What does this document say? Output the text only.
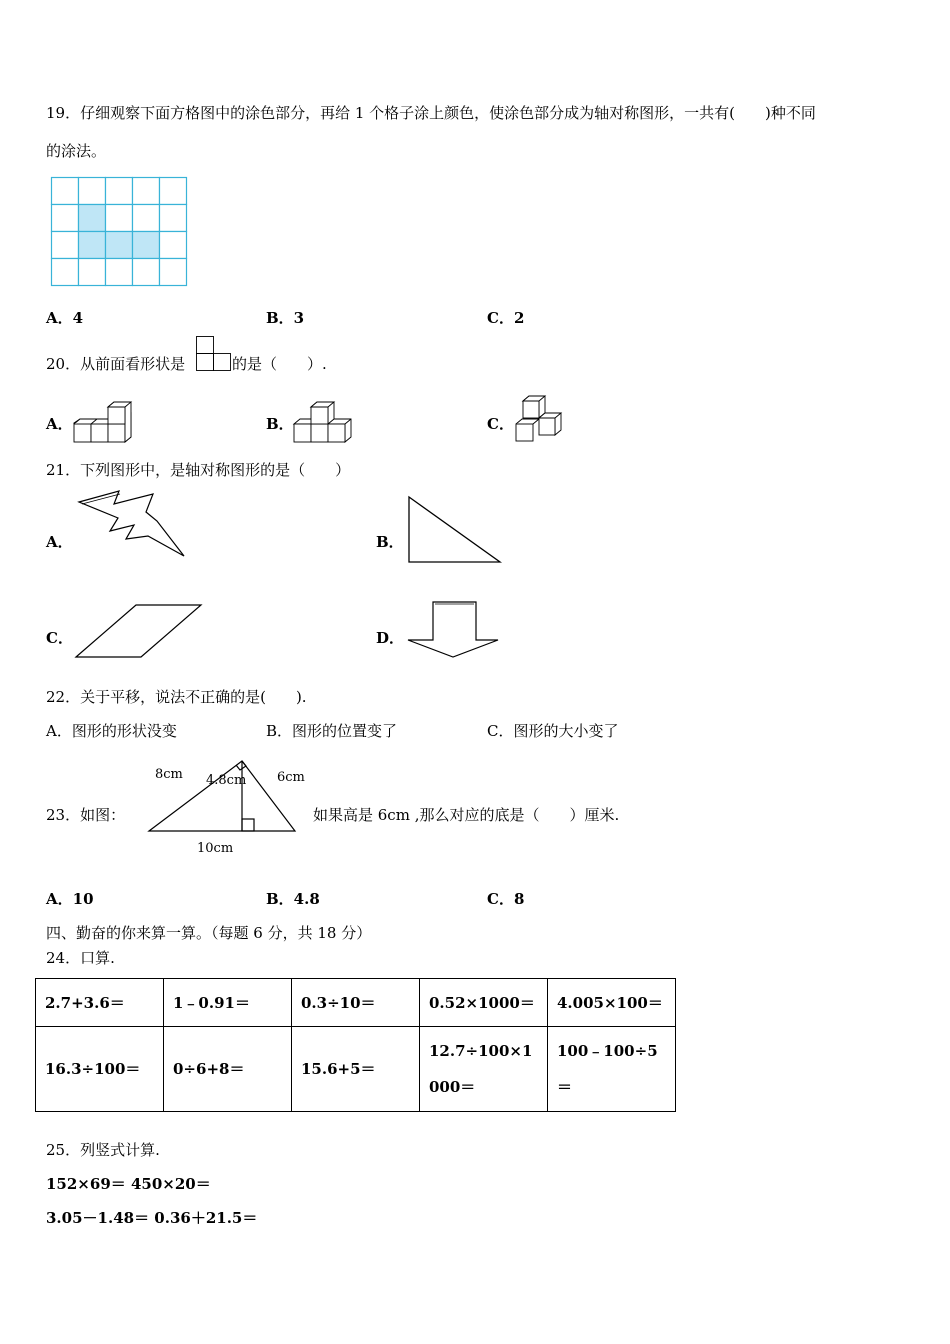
19．仔细观察下面方格图中的涂色部分，再给 1 个格子涂上颜色，使涂色部分成为轴对称图形，一共有(　　)种不同
的涂法。
A．4	B．3	C．2
20．从前面看形状是	的是（　　）.
A．	B．	C．
21．下列图形中，是轴对称图形的是（　　）
A．	B．
C．	D．
22．关于平移，说法不正确的是(　　).
A．图形的形状没变	B．图形的位置变了	C．图形的大小变了
23．如图：
8cm 4.8cm 6cm
10cm
如果高是 6cm ,那么对应的底是（　　）厘米.
A．10	B．4.8	C．8
四、勤奋的你来算一算。（每题 6 分，共 18 分）
24．口算.
2.7+3.6＝	1﹣0.91＝	0.3÷10＝	0.52×1000＝	4.005×100＝
16.3÷100＝	0÷6+8＝	15.6+5＝	12.7÷100×1000＝	100﹣100÷5＝
25．列竖式计算.
152×69＝ 450×20＝
3.05－1.48＝ 0.36＋21.5＝
